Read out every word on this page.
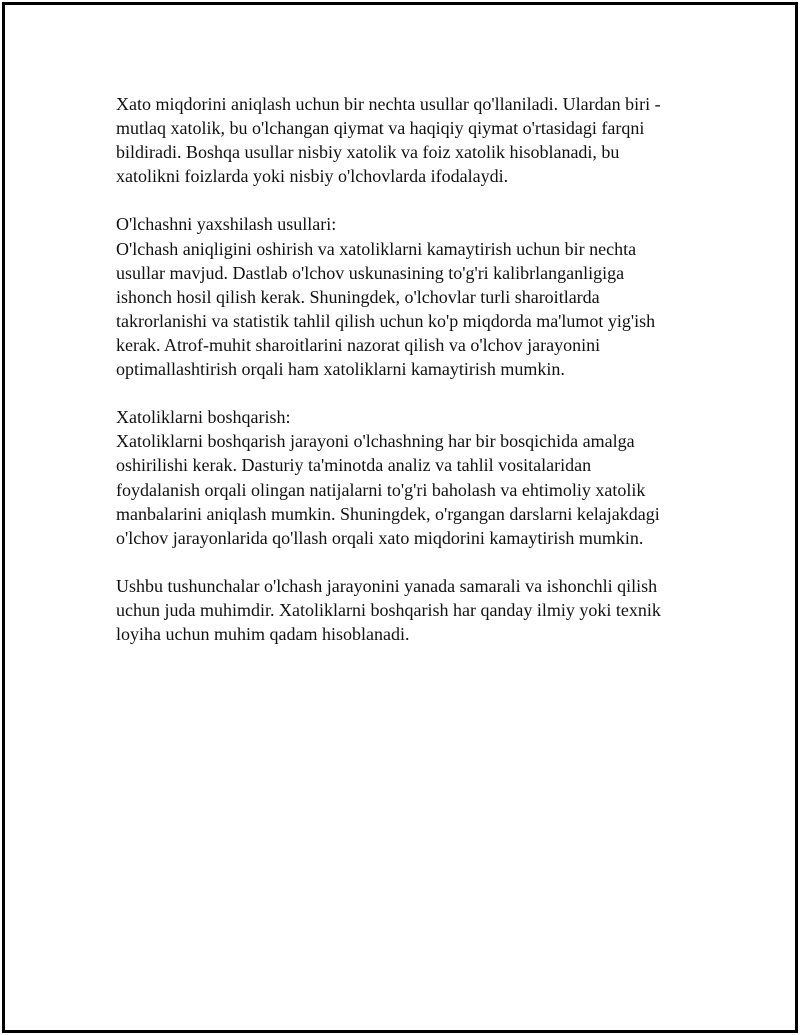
Xato miqdorini aniqlash uchun bir nechta usullar qo'llaniladi. Ulardan biri -
mutlaq xatolik, bu o'lchangan qiymat va haqiqiy qiymat o'rtasidagi farqni
bildiradi. Boshqa usullar nisbiy xatolik va foiz xatolik hisoblanadi, bu
xatolikni foizlarda yoki nisbiy o'lchovlarda ifodalaydi.

O'lchashni yaxshilash usullari:

O'lchash aniqligini oshirish va xatoliklarni kamaytirish uchun bir nechta
usullar mavjud. Dastlab o'lchov uskunasining to'g'ri kalibrlanganligiga
ishonch hosil qilish kerak. Shuningdek, o'lchovlar turli sharoitlarda
takrorlanishi va statistik tahlil qilish uchun ko'p miqdorda ma'lumot yig'ish
kerak. Atrof-muhit sharoitlarini nazorat qilish va o'lchov jarayonini
optimallashtirish orqali ham xatoliklarni kamaytirish mumkin.

Xatoliklarni boshqarish:

Xatoliklarni boshqarish jarayoni o'lchashning har bir bosqichida amalga
oshirilishi kerak. Dasturiy ta'minotda analiz va tahlil vositalaridan
foydalanish orqali olingan natijalarni to'g'ri baholash va ehtimoliy xatolik
manbalarini aniqlash mumkin. Shuningdek, o'rgangan darslarni kelajakdagi
o'lchov jarayonlarida qo'llash orqali xato miqdorini kamaytirish mumkin.

Ushbu tushunchalar o'lchash jarayonini yanada samarali va ishonchli qilish
uchun juda muhimdir. Xatoliklarni boshqarish har qanday ilmiy yoki texnik
loyiha uchun muhim qadam hisoblanadi.
